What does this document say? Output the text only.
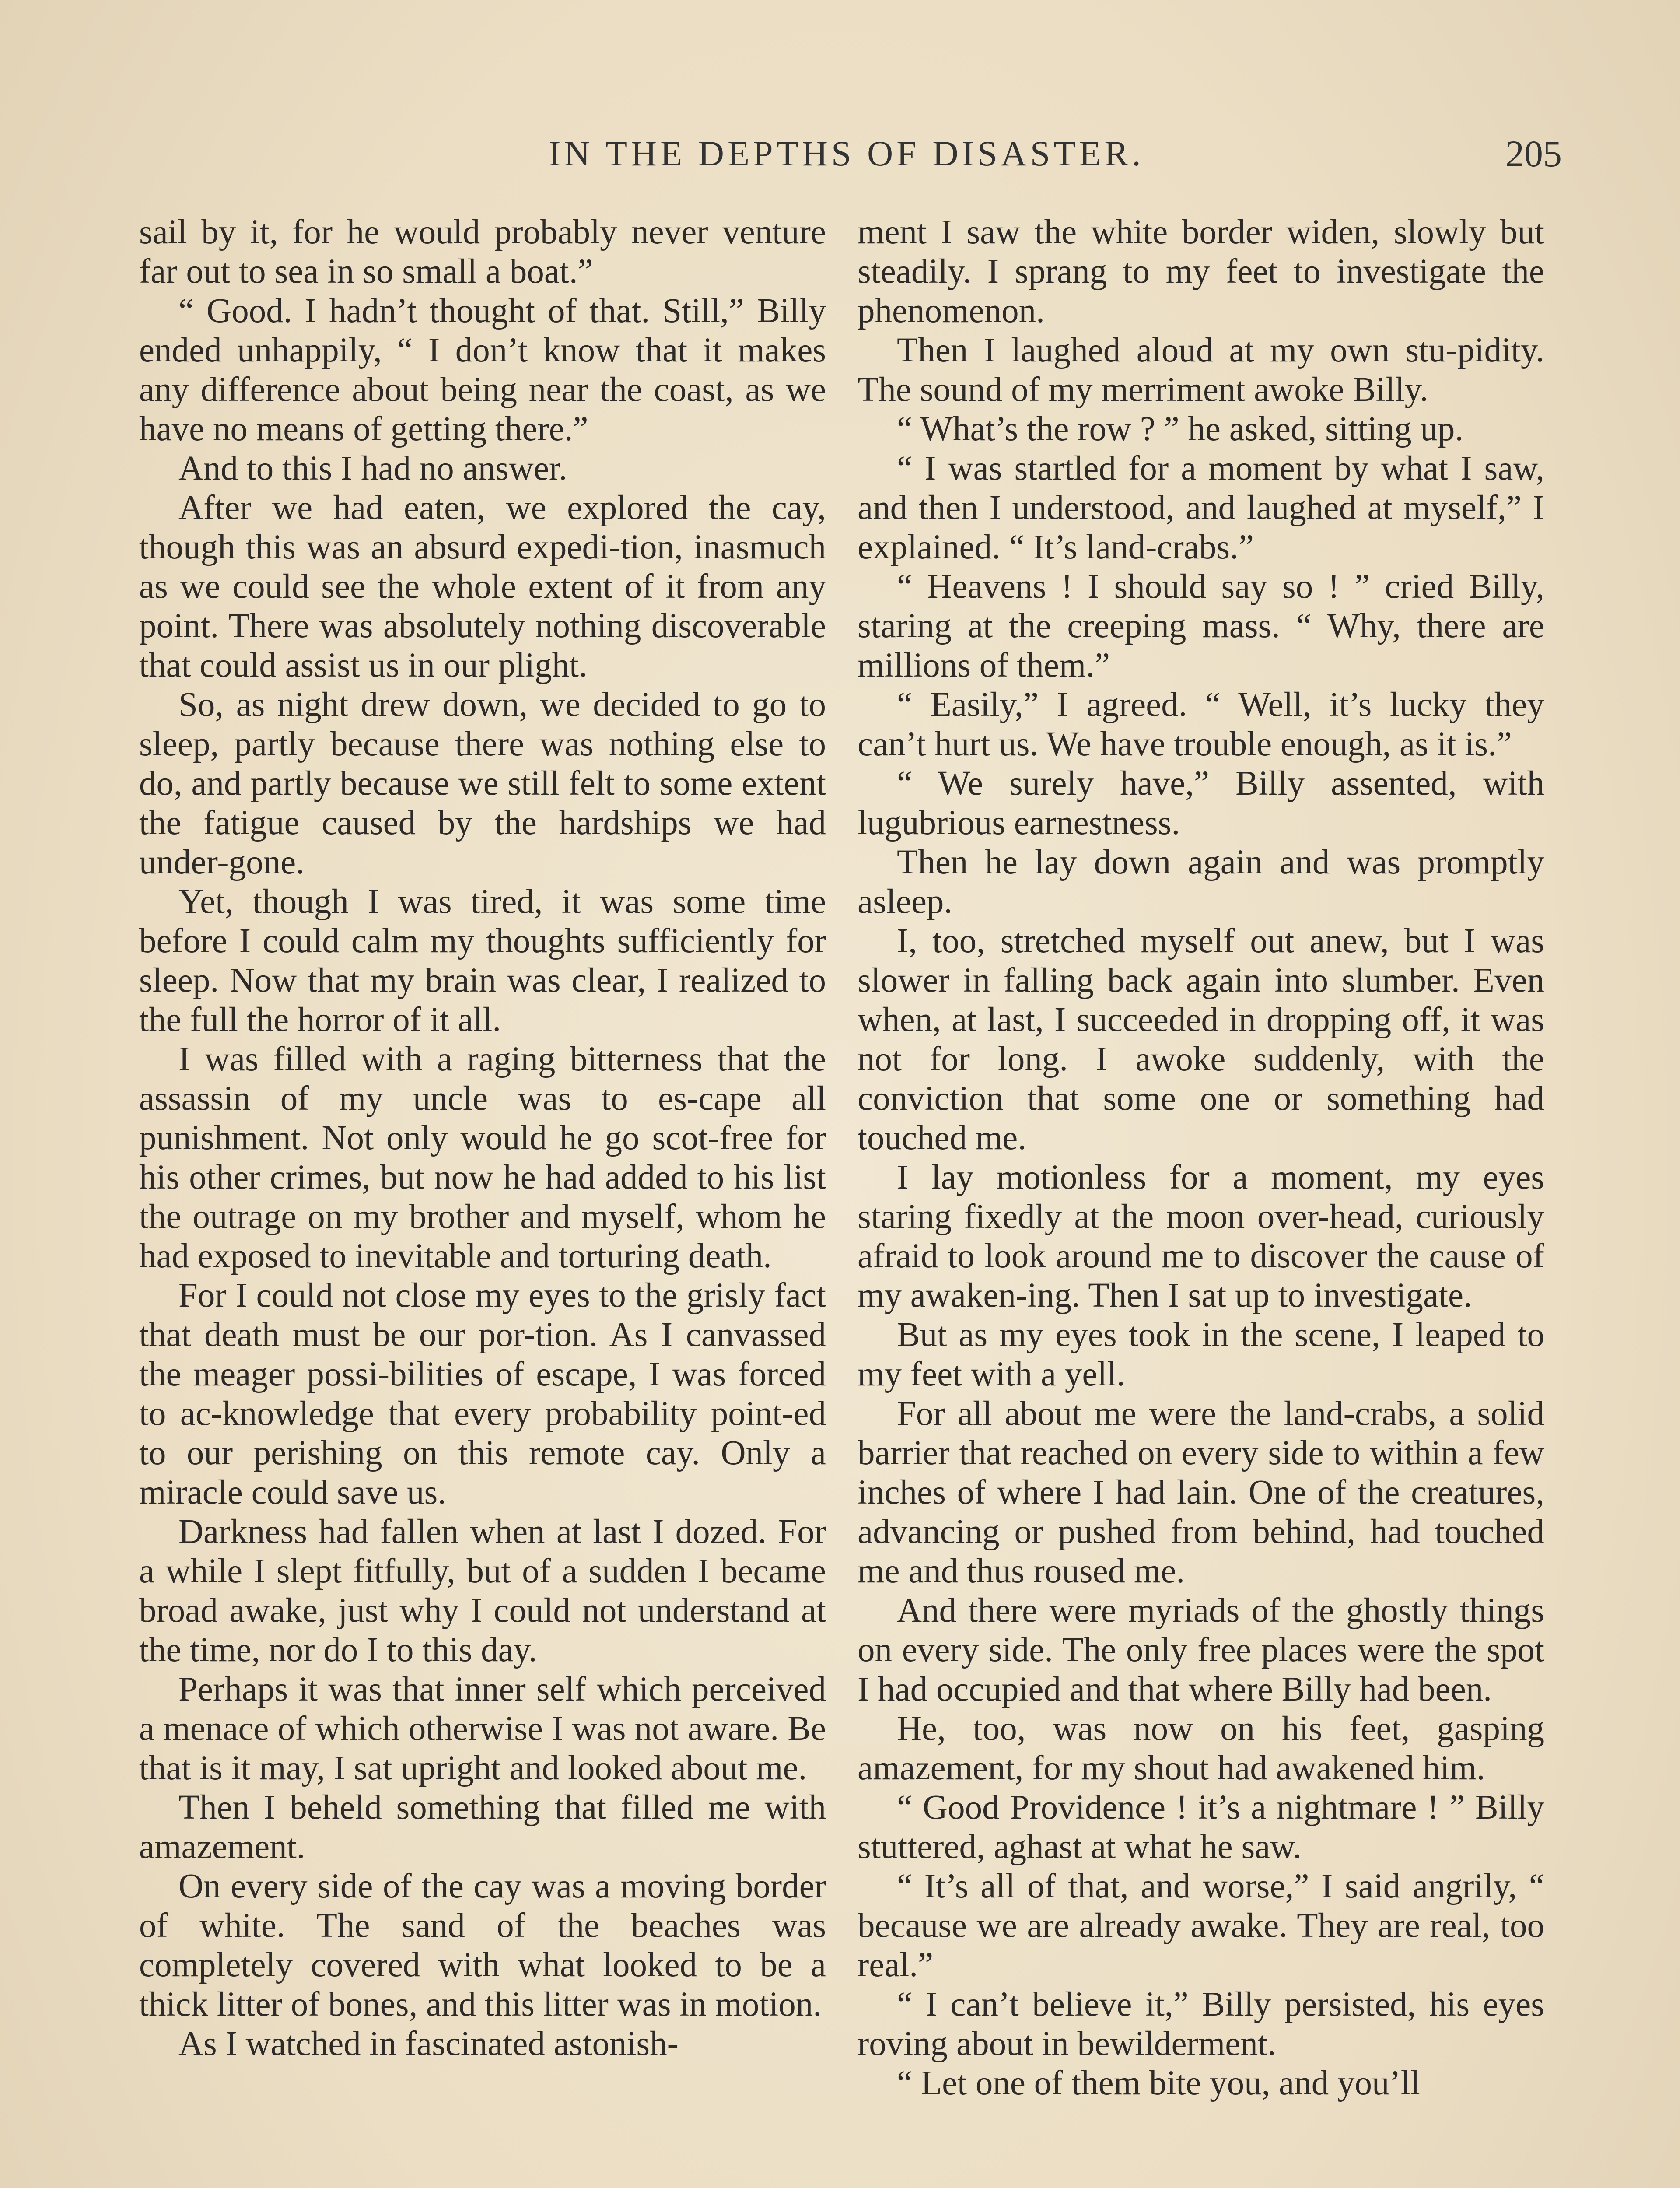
IN THE DEPTHS OF DISASTER.	205

sail by it, for he would probably never venture far out to sea in so small a boat.”

“ Good. I hadn’t thought of that. Still,” Billy ended unhappily, “ I don’t know that it makes any difference about being near the coast, as we have no means of getting there.”

And to this I had no answer.

After we had eaten, we explored the cay, though this was an absurd expedi-tion, inasmuch as we could see the whole extent of it from any point. There was absolutely nothing discoverable that could assist us in our plight.

So, as night drew down, we decided to go to sleep, partly because there was nothing else to do, and partly because we still felt to some extent the fatigue caused by the hardships we had under-gone.

Yet, though I was tired, it was some time before I could calm my thoughts sufficiently for sleep. Now that my brain was clear, I realized to the full the horror of it all.

I was filled with a raging bitterness that the assassin of my uncle was to es-cape all punishment. Not only would he go scot-free for his other crimes, but now he had added to his list the outrage on my brother and myself, whom he had exposed to inevitable and torturing death.

For I could not close my eyes to the grisly fact that death must be our por-tion. As I canvassed the meager possi-bilities of escape, I was forced to ac-knowledge that every probability point-ed to our perishing on this remote cay. Only a miracle could save us.

Darkness had fallen when at last I dozed. For a while I slept fitfully, but of a sudden I became broad awake, just why I could not understand at the time, nor do I to this day.

Perhaps it was that inner self which perceived a menace of which otherwise I was not aware. Be that is it may, I sat upright and looked about me.

Then I beheld something that filled me with amazement.

On every side of the cay was a moving border of white. The sand of the beaches was completely covered with what looked to be a thick litter of bones, and this litter was in motion.

As I watched in fascinated astonish-

ment I saw the white border widen, slowly but steadily. I sprang to my feet to investigate the phenomenon.

Then I laughed aloud at my own stu-pidity. The sound of my merriment awoke Billy.

“ What’s the row ? ” he asked, sitting up.

“ I was startled for a moment by what I saw, and then I understood, and laughed at myself,” I explained. “ It’s land-crabs.”

“ Heavens ! I should say so ! ” cried Billy, staring at the creeping mass. “ Why, there are millions of them.”

“ Easily,” I agreed. “ Well, it’s lucky they can’t hurt us. We have trouble enough, as it is.”

“ We surely have,” Billy assented, with lugubrious earnestness.

Then he lay down again and was promptly asleep.

I, too, stretched myself out anew, but I was slower in falling back again into slumber. Even when, at last, I succeeded in dropping off, it was not for long. I awoke suddenly, with the conviction that some one or something had touched me.

I lay motionless for a moment, my eyes staring fixedly at the moon over-head, curiously afraid to look around me to discover the cause of my awaken-ing. Then I sat up to investigate.

But as my eyes took in the scene, I leaped to my feet with a yell.

For all about me were the land-crabs, a solid barrier that reached on every side to within a few inches of where I had lain. One of the creatures, advancing or pushed from behind, had touched me and thus roused me.

And there were myriads of the ghostly things on every side. The only free places were the spot I had occupied and that where Billy had been.

He, too, was now on his feet, gasping amazement, for my shout had awakened him.

“ Good Providence ! it’s a nightmare ! ” Billy stuttered, aghast at what he saw.

“ It’s all of that, and worse,” I said angrily, “ because we are already awake. They are real, too real.”

“ I can’t believe it,” Billy persisted, his eyes roving about in bewilderment.

“ Let one of them bite you, and you’ll
